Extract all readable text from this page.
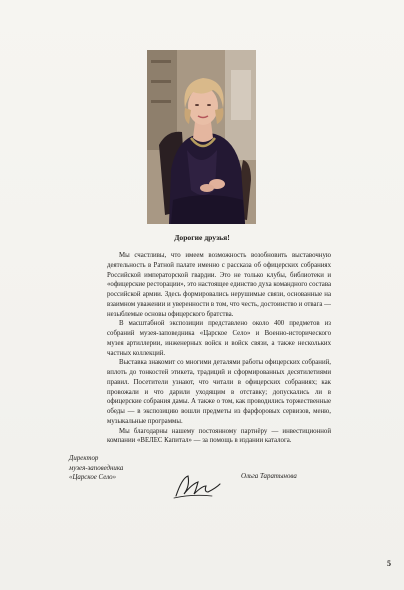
Дорогие друзья!

Мы счастливы, что имеем возможность возобновить выставочную деятельность в Ратной палате именно с рассказа об офицерских собраниях Российской императорской гвардии. Это не только клубы, библиотеки и «офицерские ресторации», это настоящее единство духа командного состава российской армии. Здесь формировались нерушимые связи, основанные на взаимном уважении и уверенности в том, что честь, достоинство и отвага — незыблемые основы офицерского братства.

В масштабной экспозиции представлено около 400 предметов из собраний музея-заповедника «Царское Село» и Военно-исторического музея артиллерии, инженерных войск и войск связи, а также нескольких частных коллекций.

Выставка знакомит со многими деталями работы офицерских собраний, вплоть до тонкостей этикета, традиций и сформированных десятилетиями правил. Посетители узнают, что читали в офицерских собраниях; как провожали и что дарили уходящим в отставку; допускались ли в офицерские собрания дамы. А также о том, как проводились торжественные обеды — в экспозицию вошли предметы из фарфоровых сервизов, меню, музыкальные программы.

Мы благодарны нашему постоянному партнёру — инвестиционной компании «ВЕЛЕС Капитал» — за помощь в издании каталога.

Директор
музея-заповедника
«Царское Село»	Ольга Таратынова
5
